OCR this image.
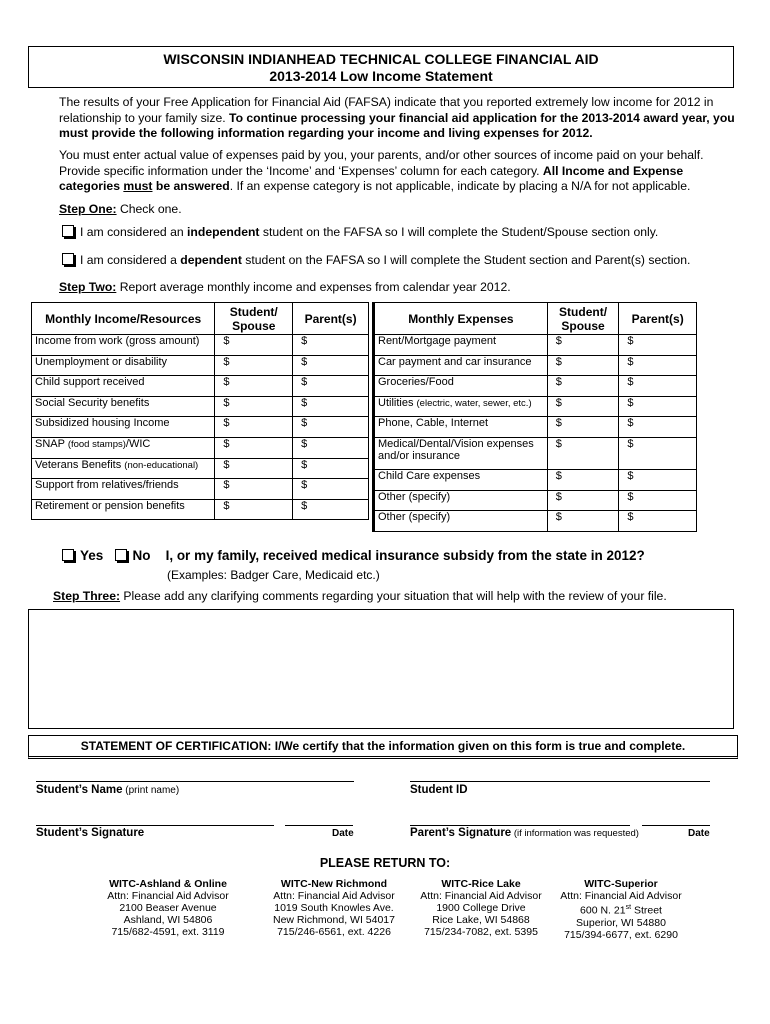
WISCONSIN INDIANHEAD TECHNICAL COLLEGE FINANCIAL AID
2013-2014 Low Income Statement
The results of your Free Application for Financial Aid (FAFSA) indicate that you reported extremely low income for 2012 in relationship to your family size. To continue processing your financial aid application for the 2013-2014 award year, you must provide the following information regarding your income and living expenses for 2012.
You must enter actual value of expenses paid by you, your parents, and/or other sources of income paid on your behalf. Provide specific information under the ‘Income’ and ‘Expenses’ column for each category. All Income and Expense categories must be answered. If an expense category is not applicable, indicate by placing a N/A for not applicable.
Step One: Check one.
I am considered an independent student on the FAFSA so I will complete the Student/Spouse section only.
I am considered a dependent student on the FAFSA so I will complete the Student section and Parent(s) section.
Step Two: Report average monthly income and expenses from calendar year 2012.
Monthly Income/Resources	Student/ Spouse	Parent(s)
Income from work (gross amount)	$	$
Unemployment or disability	$	$
Child support received	$	$
Social Security benefits	$	$
Subsidized housing Income	$	$
SNAP (food stamps)/WIC	$	$
Veterans Benefits (non-educational)	$	$
Support from relatives/friends	$	$
Retirement or pension benefits	$	$
Monthly Expenses	Student/ Spouse	Parent(s)
Rent/Mortgage payment	$	$
Car payment and car insurance	$	$
Groceries/Food	$	$
Utilities (electric, water, sewer, etc.)	$	$
Phone, Cable, Internet	$	$
Medical/Dental/Vision expenses
and/or insurance	$	$
Child Care expenses	$	$
Other (specify)	$	$
Other (specify)	$	$
Yes No I, or my family, received medical insurance subsidy from the state in 2012?
(Examples: Badger Care, Medicaid etc.)
Step Three: Please add any clarifying comments regarding your situation that will help with the review of your file.
STATEMENT OF CERTIFICATION: I/We certify that the information given on this form is true and complete.
Student’s Name (print name)	Student ID
Student’s Signature	Date	Parent’s Signature (if information was requested)	Date
PLEASE RETURN TO:
WITC-Ashland & Online
Attn: Financial Aid Advisor
2100 Beaser Avenue
Ashland, WI 54806
715/682-4591, ext. 3119
WITC-New Richmond
Attn: Financial Aid Advisor
1019 South Knowles Ave.
New Richmond, WI 54017
715/246-6561, ext. 4226
WITC-Rice Lake
Attn: Financial Aid Advisor
1900 College Drive
Rice Lake, WI 54868
715/234-7082, ext. 5395
WITC-Superior
Attn: Financial Aid Advisor
600 N. 21st Street
Superior, WI 54880
715/394-6677, ext. 6290
